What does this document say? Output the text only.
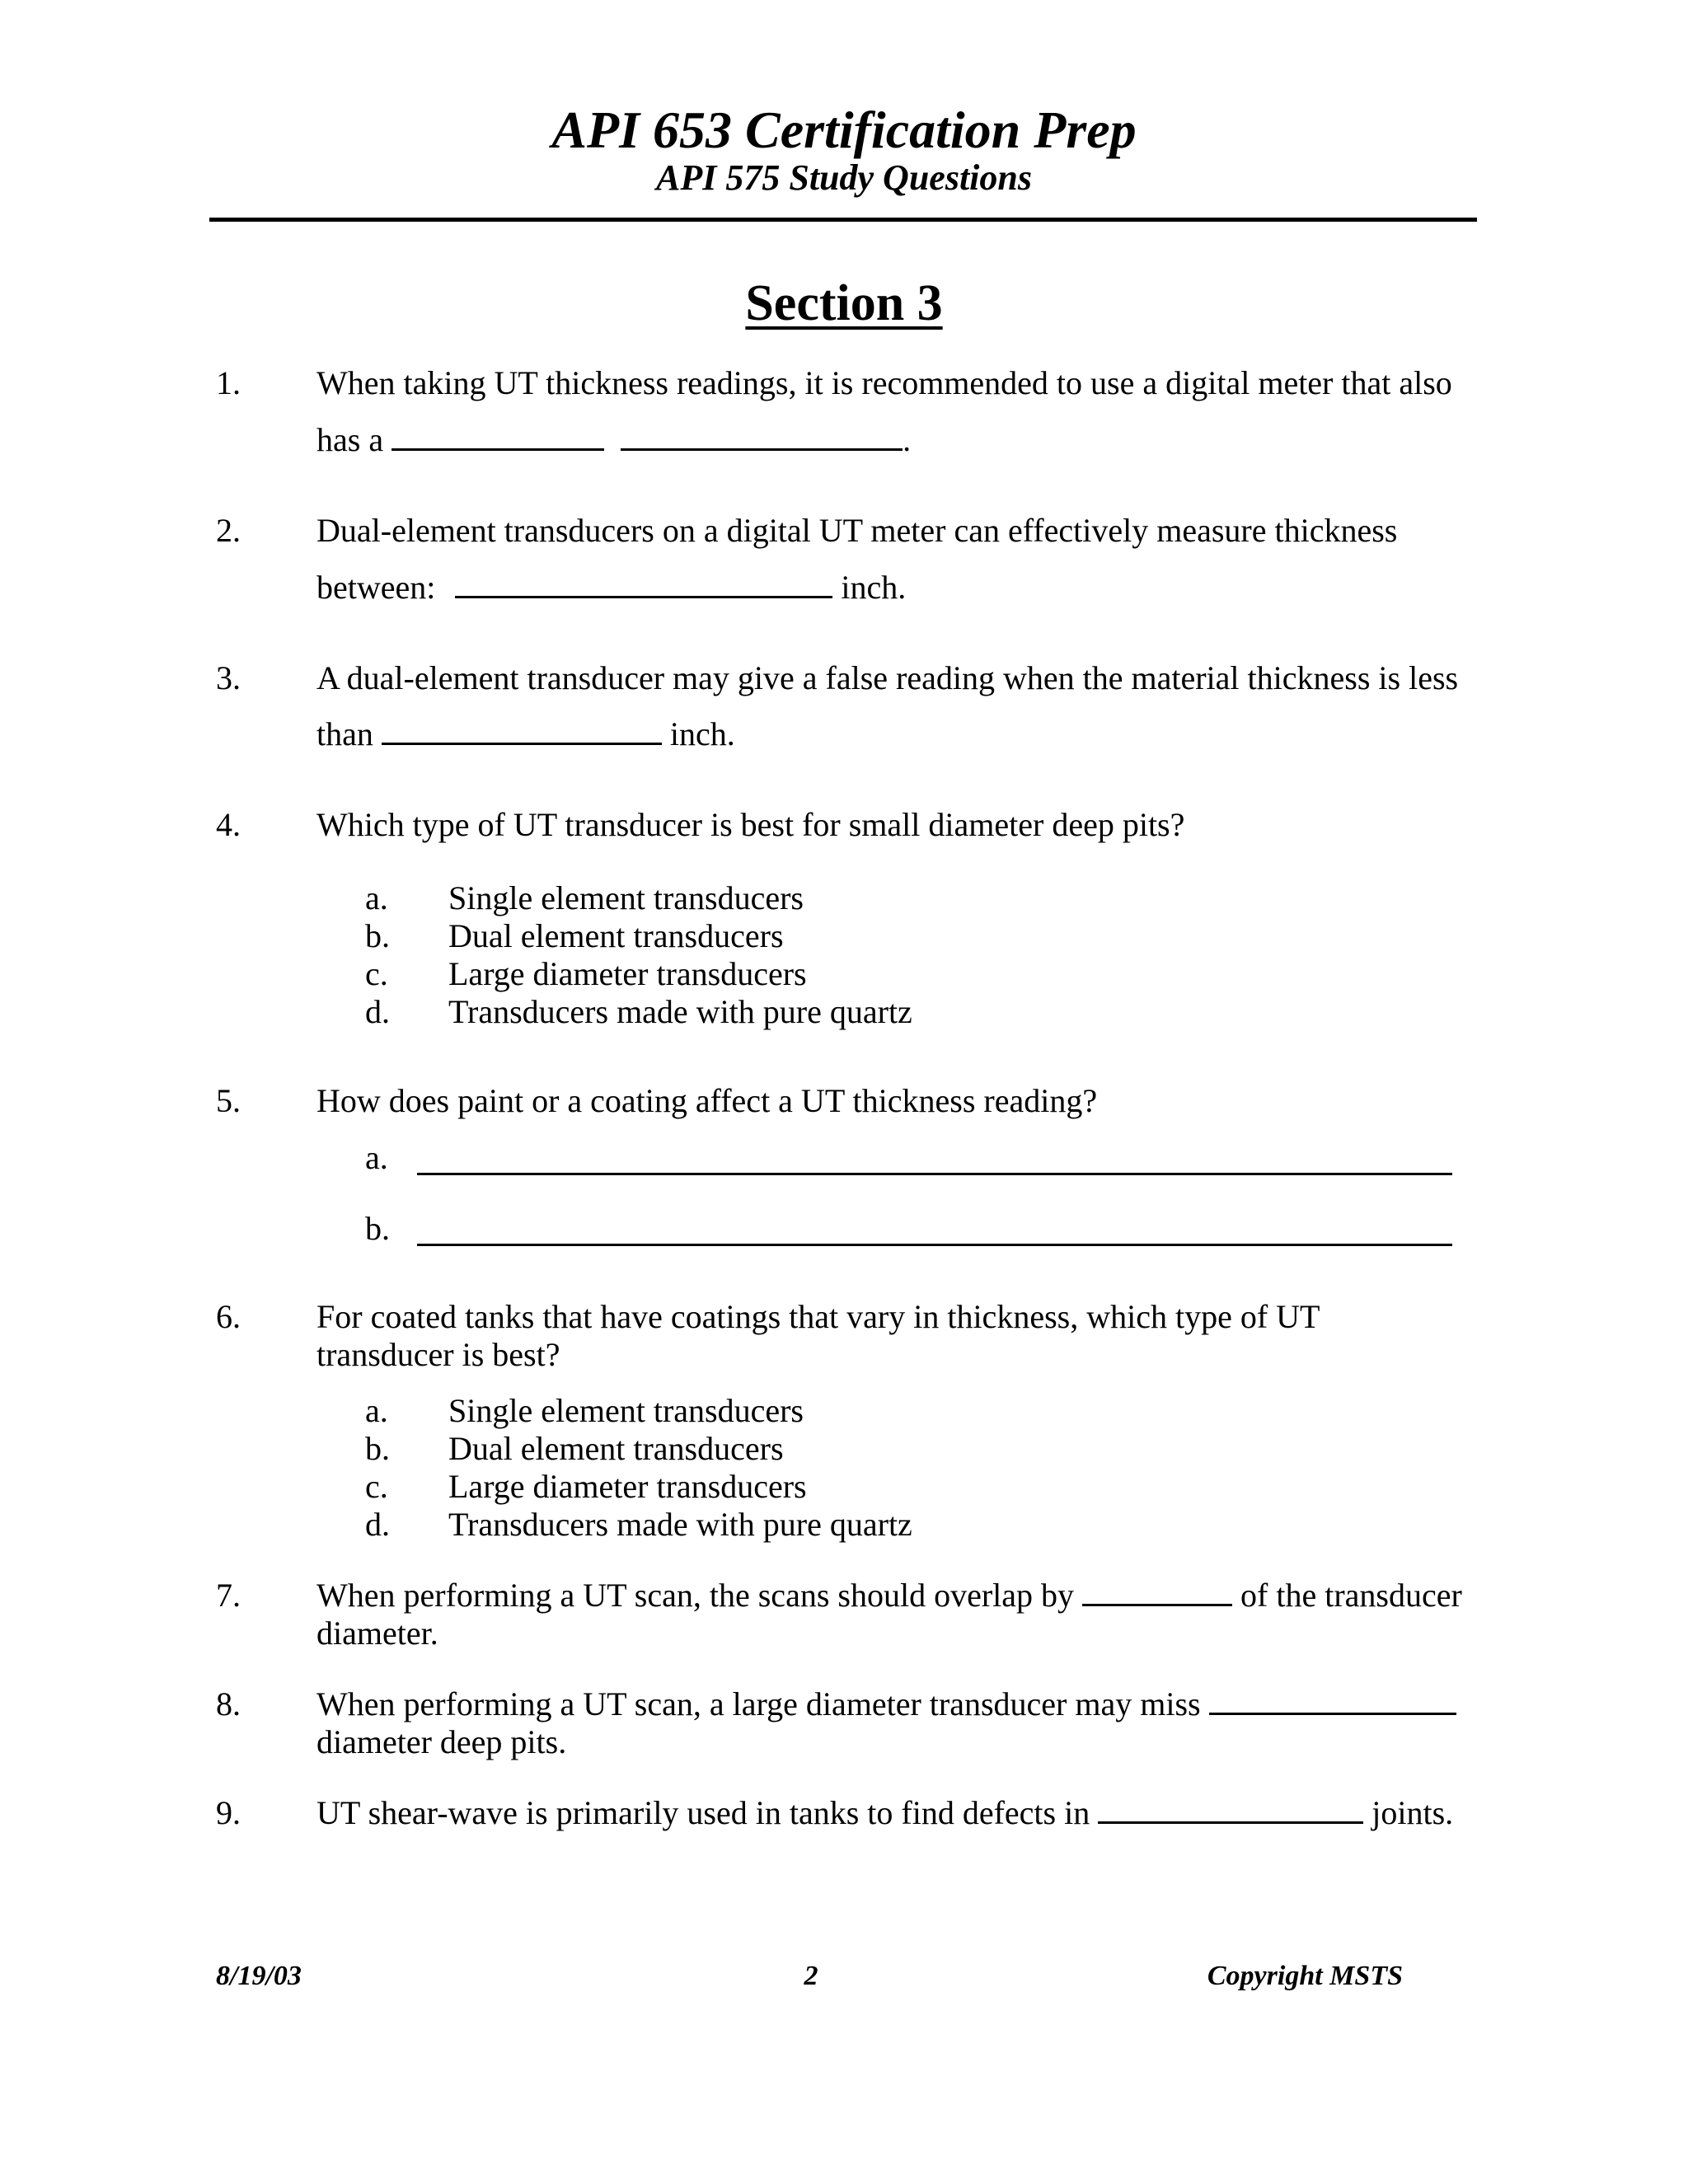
API 653 Certification Prep
API 575 Study Questions
Section 3
1. When taking UT thickness readings, it is recommended to use a digital meter that also
has a	.
2. Dual-element transducers on a digital UT meter can effectively measure thickness
between:	inch.
3. A dual-element transducer may give a false reading when the material thickness is less
than	inch.
4. Which type of UT transducer is best for small diameter deep pits?
a. Single element transducers
b. Dual element transducers
c. Large diameter transducers
d. Transducers made with pure quartz
5. How does paint or a coating affect a UT thickness reading?
a.
b.
6. For coated tanks that have coatings that vary in thickness, which type of UT
transducer is best?
a. Single element transducers
b. Dual element transducers
c. Large diameter transducers
d. Transducers made with pure quartz
7. When performing a UT scan, the scans should overlap by	of the transducer
diameter.
8. When performing a UT scan, a large diameter transducer may miss
diameter deep pits.
9. UT shear-wave is primarily used in tanks to find defects in	joints.
8/19/03	2	Copyright MSTS
